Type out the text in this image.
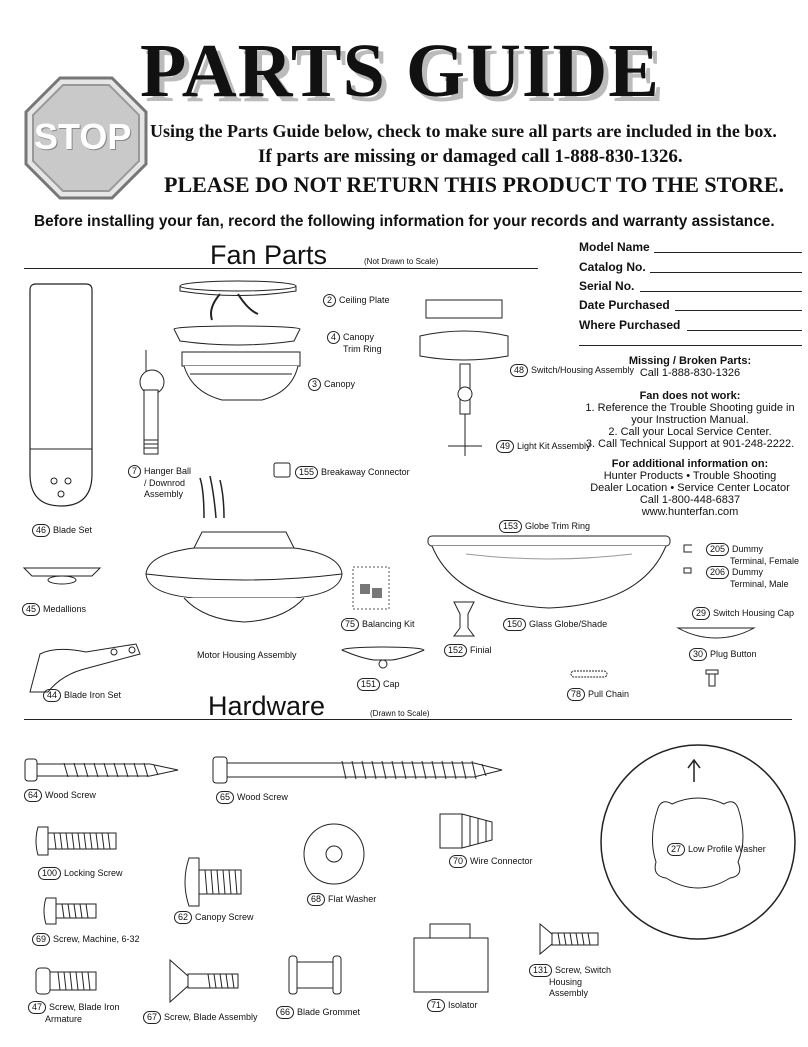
STOP
PARTS GUIDE
Using the Parts Guide below, check to make sure all parts are included in the box.
If parts are missing or damaged call 1-888-830-1326.
PLEASE DO NOT RETURN THIS PRODUCT TO THE STORE.
Before installing your fan, record the following information for your records and warranty assistance.
Fan Parts	(Not Drawn to Scale)
Model Name
Catalog No.
Serial No.
Date Purchased
Where Purchased
Missing / Broken Parts:
Call 1-888-830-1326
Fan does not work:
1. Reference the Trouble Shooting guide in
your Instruction Manual.
2. Call your Local Service Center.
3. Call Technical Support at 901-248-2222.
For additional information on:
Hunter Products • Trouble Shooting
Dealer Location • Service Center Locator
Call 1-800-448-6837
www.hunterfan.com
46 Blade Set
2 Ceiling Plate
4 Canopy
Trim Ring
3 Canopy
7 Hanger Ball
/ Downrod
Assembly
155 Breakaway Connector
48 Switch/Housing Assembly
49 Light Kit Assembly
45 Medallions
44 Blade Iron Set
Motor Housing Assembly
75 Balancing Kit
151 Cap
153 Globe Trim Ring
150 Glass Globe/Shade
152 Finial
205 Dummy
Terminal, Female
206 Dummy
Terminal, Male
29 Switch Housing Cap
30 Plug Button
78 Pull Chain
Hardware	(Drawn to Scale)
64 Wood Screw	65 Wood Screw
27 Low Profile Washer
100 Locking Screw
70 Wire Connector
68 Flat Washer
62 Canopy Screw
69 Screw, Machine, 6-32
131 Screw, Switch
Housing
Assembly
71 Isolator
47 Screw, Blade Iron
Armature	67 Screw, Blade Assembly	66 Blade Grommet
